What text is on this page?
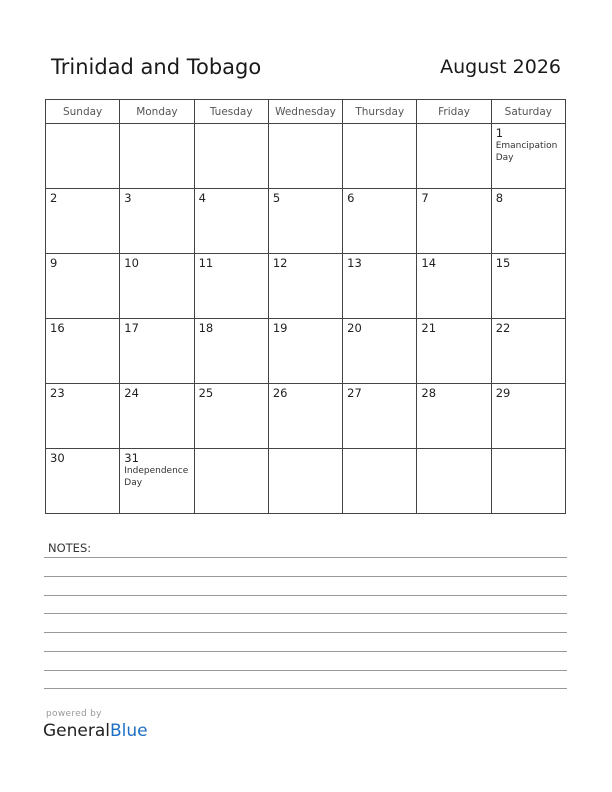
Trinidad and Tobago	August 2026
Sunday	Monday	Tuesday	Wednesday	Thursday	Friday	Saturday

						1
Emancipation Day

2	3	4	5	6	7	8

9	10	11	12	13	14	15

16	17	18	19	20	21	22

23	24	25	26	27	28	29

30	31
Independence Day					

NOTES:
powered by
GeneralBlue
